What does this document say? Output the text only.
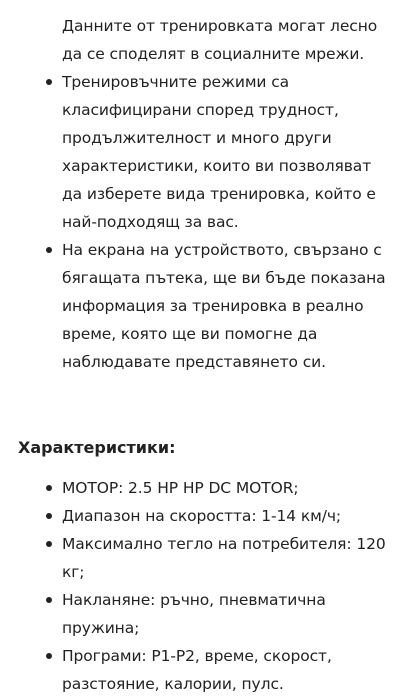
Данните от тренировката могат лесно да се споделят в социалните мрежи.
Тренировъчните режими са класифицирани според трудност, продължителност и много други характеристики, които ви позволяват да изберете вида тренировка, който е най-подходящ за вас.
На екрана на устройството, свързано с бягащата пътека, ще ви бъде показана информация за тренировка в реално време, която ще ви помогне да наблюдавате представянето си.
Характеристики:
МОТОР: 2.5 HP HP DC MOTOR;
Диапазон на скоростта: 1-14 км/ч;
Максимално тегло на потребителя: 120 кг;
Накланяне: ръчно, пневматична пружина;
Програми: P1-P2, време, скорост, разстояние, калории, пулс.
